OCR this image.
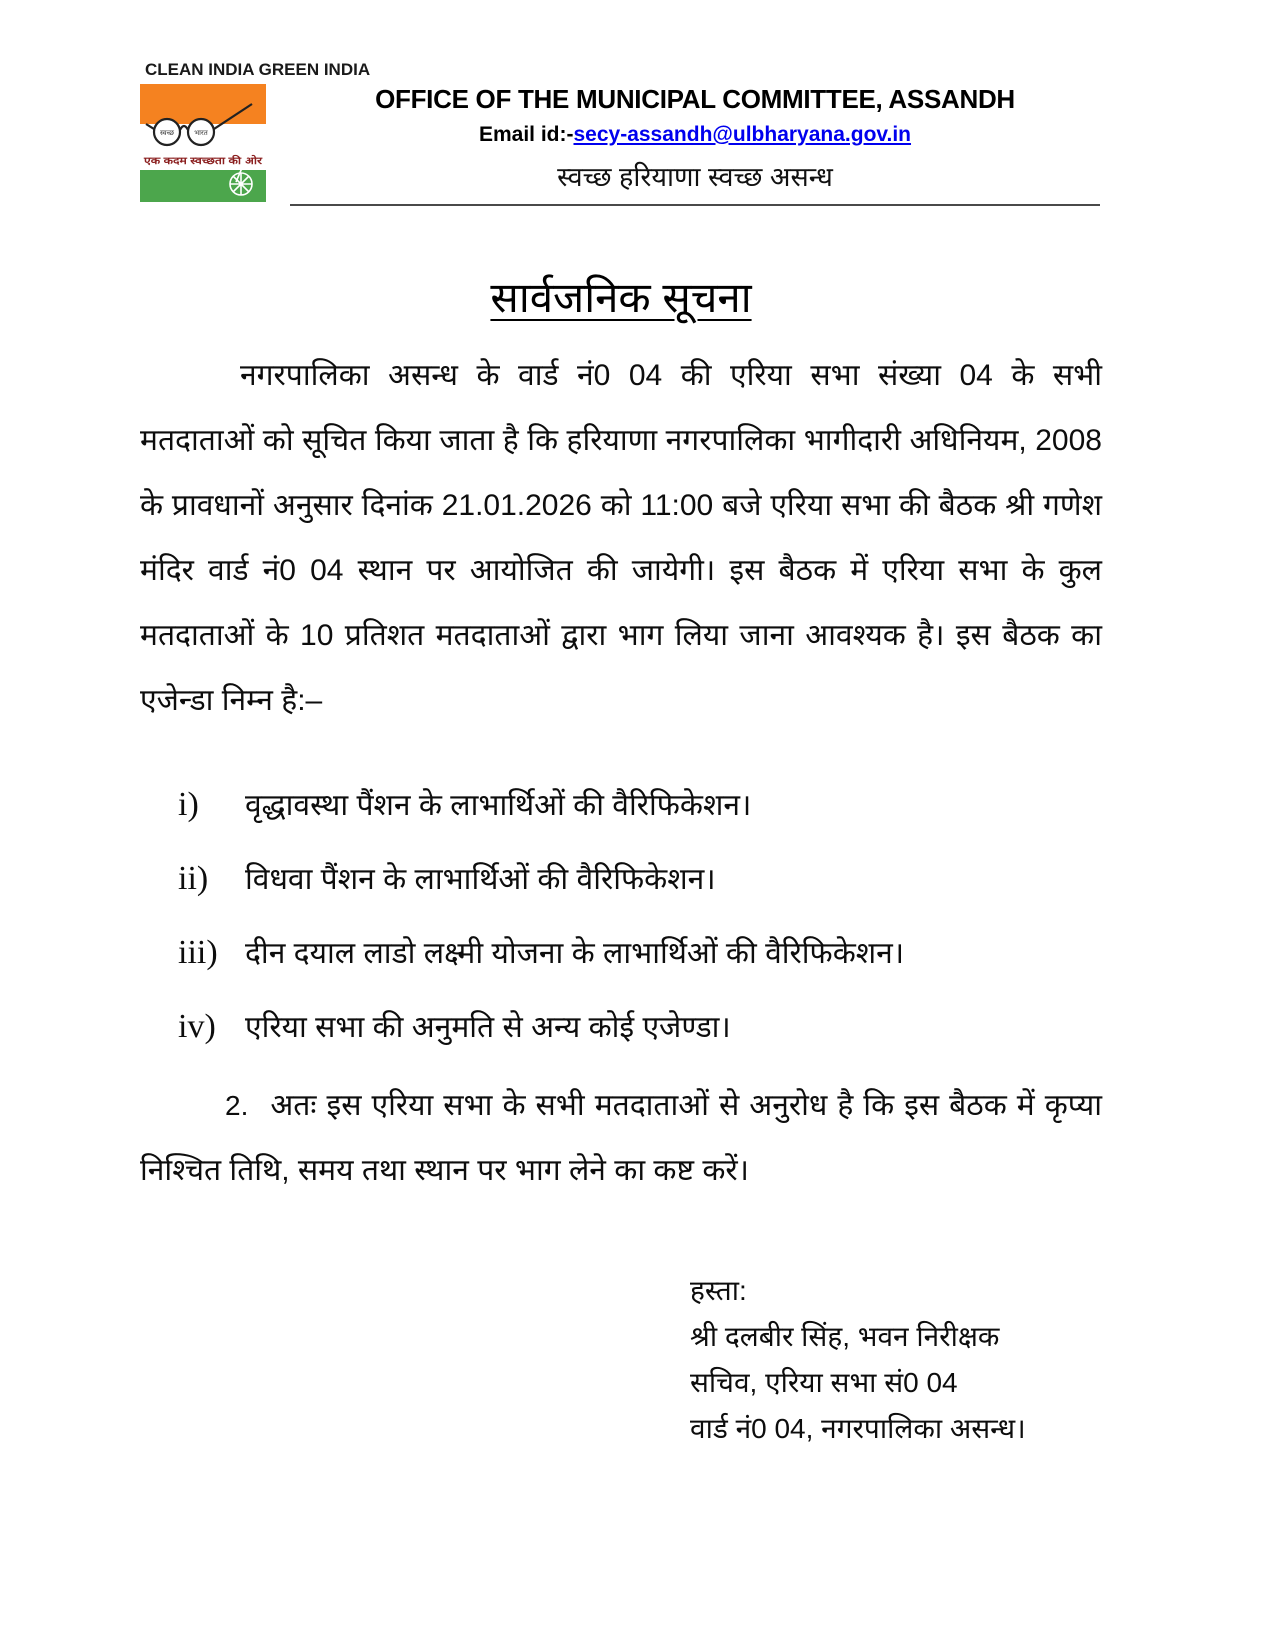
CLEAN INDIA GREEN INDIA
स्वच्छ	भारत
एक कदम स्वच्छता की ओर
OFFICE OF THE MUNICIPAL COMMITTEE, ASSANDH
Email id:-secy-assandh@ulbharyana.gov.in
स्वच्छ हरियाणा स्वच्छ असन्ध
सार्वजनिक सूचना

नगरपालिका असन्ध के वार्ड नं0 04 की एरिया सभा संख्या 04 के सभी मतदाताओं को सूचित किया जाता है कि हरियाणा नगरपालिका भागीदारी अधिनियम, 2008 के प्रावधानों अनुसार दिनांक 21.01.2026 को 11:00 बजे एरिया सभा की बैठक श्री गणेश मंदिर वार्ड नं0 04 स्थान पर आयोजित की जायेगी। इस बैठक में एरिया सभा के कुल मतदाताओं के 10 प्रतिशत मतदाताओं द्वारा भाग लिया जाना आवश्यक है। इस बैठक का एजेन्डा निम्न है:–

i)	वृद्धावस्था पैंशन के लाभार्थिओं की वैरिफिकेशन।
ii)	विधवा पैंशन के लाभार्थिओं की वैरिफिकेशन।
iii) दीन दयाल लाडो लक्ष्मी योजना के लाभार्थिओं की वैरिफिकेशन।
iv) एरिया सभा की अनुमति से अन्य कोई एजेण्डा।

2. अतः इस एरिया सभा के सभी मतदाताओं से अनुरोध है कि इस बैठक में कृप्या निश्चित तिथि, समय तथा स्थान पर भाग लेने का कष्ट करें।

हस्ता:
श्री दलबीर सिंह, भवन निरीक्षक
सचिव, एरिया सभा सं0 04
वार्ड नं0 04, नगरपालिका असन्ध।
